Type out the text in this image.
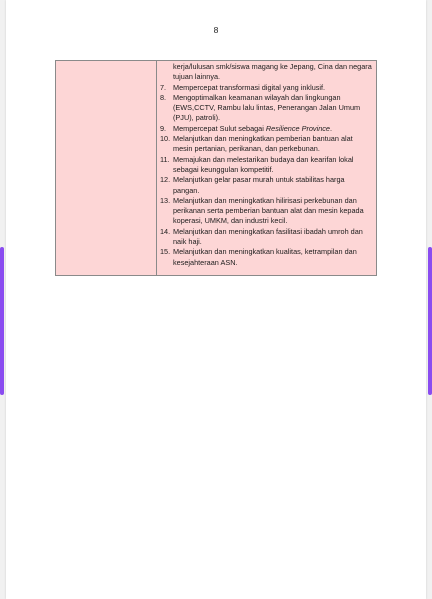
8
kerja/lulusan smk/siswa magang ke Jepang, Cina dan negara tujuan lainnya.
7. Mempercepat transformasi digital yang inklusif.
8. Mengoptimalkan keamanan wilayah dan lingkungan (EWS,CCTV, Rambu lalu lintas, Penerangan Jalan Umum (PJU), patroli).
9. Mempercepat Sulut sebagai Resilience Province.
10. Melanjutkan dan meningkatkan pemberian bantuan alat mesin pertanian, perikanan, dan perkebunan.
11. Memajukan dan melestarikan budaya dan kearifan lokal sebagai keunggulan kompetitif.
12. Melanjutkan gelar pasar murah untuk stabilitas harga pangan.
13. Melanjutkan dan meningkatkan hilirisasi perkebunan dan perikanan serta pemberian bantuan alat dan mesin kepada koperasi, UMKM, dan industri kecil.
14. Melanjutkan dan meningkatkan fasilitasi ibadah umroh dan naik haji.
15. Melanjutkan dan meningkatkan kualitas, ketrampilan dan kesejahteraan ASN.
